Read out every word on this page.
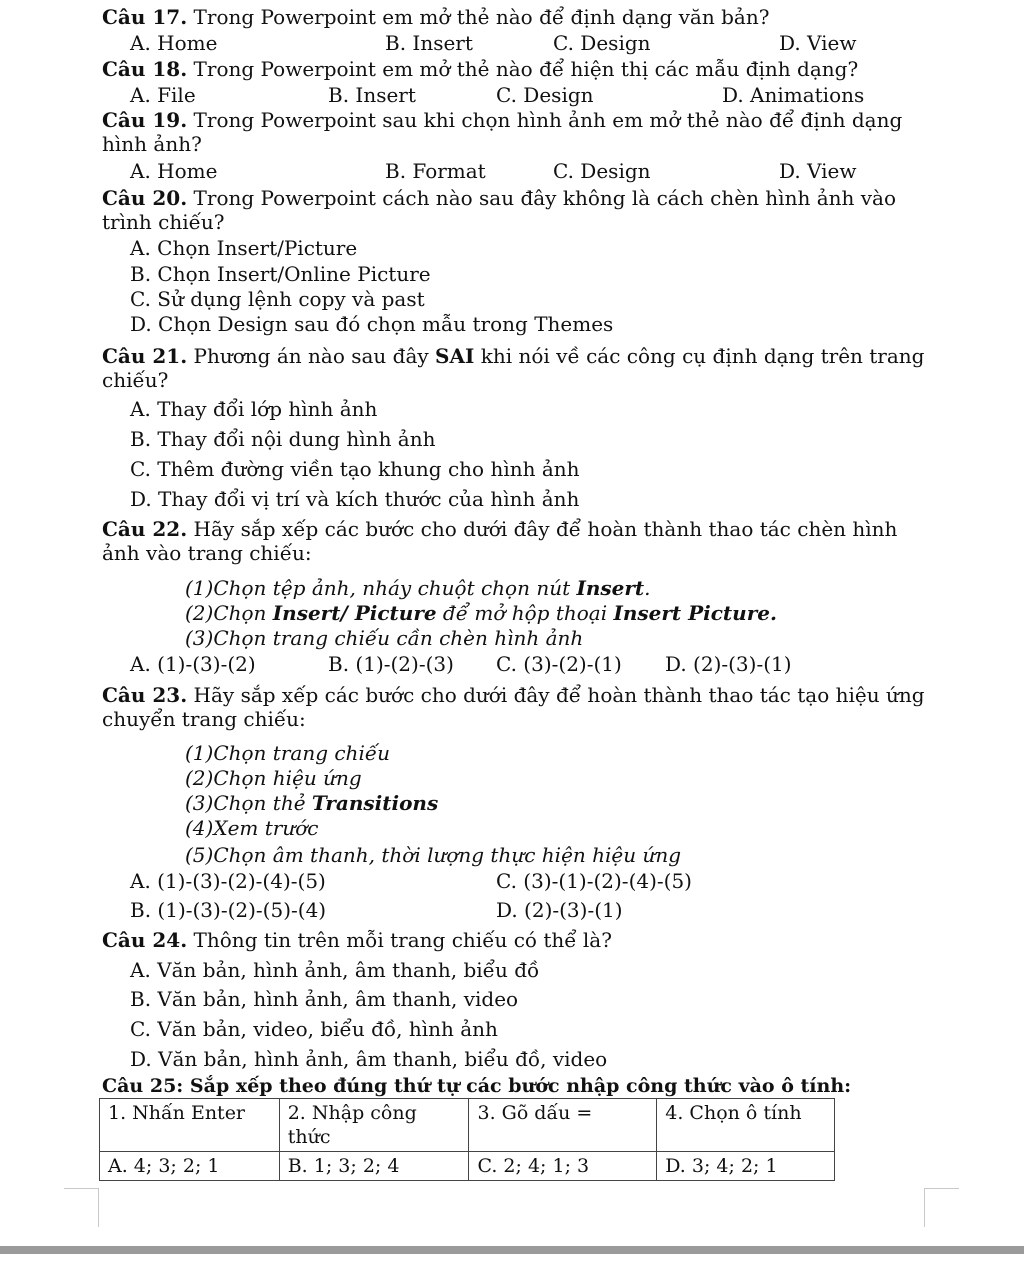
Câu 17. Trong Powerpoint em mở thẻ nào để định dạng văn bản?
A. Home	B. Insert	C. Design	D. View
Câu 18. Trong Powerpoint em mở thẻ nào để hiện thị các mẫu định dạng?
A. File	B. Insert	C. Design	D. Animations
Câu 19. Trong Powerpoint sau khi chọn hình ảnh em mở thẻ nào để định dạng hình ảnh?
A. Home	B. Format	C. Design	D. View
Câu 20. Trong Powerpoint cách nào sau đây không là cách chèn hình ảnh vào trình chiếu?
A. Chọn Insert/Picture
B. Chọn Insert/Online Picture
C. Sử dụng lệnh copy và past
D. Chọn Design sau đó chọn mẫu trong Themes
Câu 21. Phương án nào sau đây SAI khi nói về các công cụ định dạng trên trang chiếu?
A. Thay đổi lớp hình ảnh
B. Thay đổi nội dung hình ảnh
C. Thêm đường viền tạo khung cho hình ảnh
D. Thay đổi vị trí và kích thước của hình ảnh
Câu 22. Hãy sắp xếp các bước cho dưới đây để hoàn thành thao tác chèn hình ảnh vào trang chiếu:
(1)Chọn tệp ảnh, nháy chuột chọn nút Insert.
(2)Chọn Insert/ Picture để mở hộp thoại Insert Picture.
(3)Chọn trang chiếu cần chèn hình ảnh
A. (1)-(3)-(2)	B. (1)-(2)-(3) C. (3)-(2)-(1) D. (2)-(3)-(1)
Câu 23. Hãy sắp xếp các bước cho dưới đây để hoàn thành thao tác tạo hiệu ứng chuyển trang chiếu:
(1)Chọn trang chiếu
(2)Chọn hiệu ứng
(3)Chọn thẻ Transitions
(4)Xem trước
(5)Chọn âm thanh, thời lượng thực hiện hiệu ứng
A. (1)-(3)-(2)-(4)-(5)	C. (3)-(1)-(2)-(4)-(5)
B. (1)-(3)-(2)-(5)-(4)	D. (2)-(3)-(1)
Câu 24. Thông tin trên mỗi trang chiếu có thể là?
A. Văn bản, hình ảnh, âm thanh, biểu đồ
B. Văn bản, hình ảnh, âm thanh, video
C. Văn bản, video, biểu đồ, hình ảnh
D. Văn bản, hình ảnh, âm thanh, biểu đồ, video
Câu 25: Sắp xếp theo đúng thứ tự các bước nhập công thức vào ô tính:
1. Nhấn Enter	2. Nhập công thức	3. Gõ dấu =	4. Chọn ô tính
A. 4; 3; 2; 1	B. 1; 3; 2; 4	C. 2; 4; 1; 3	D. 3; 4; 2; 1
